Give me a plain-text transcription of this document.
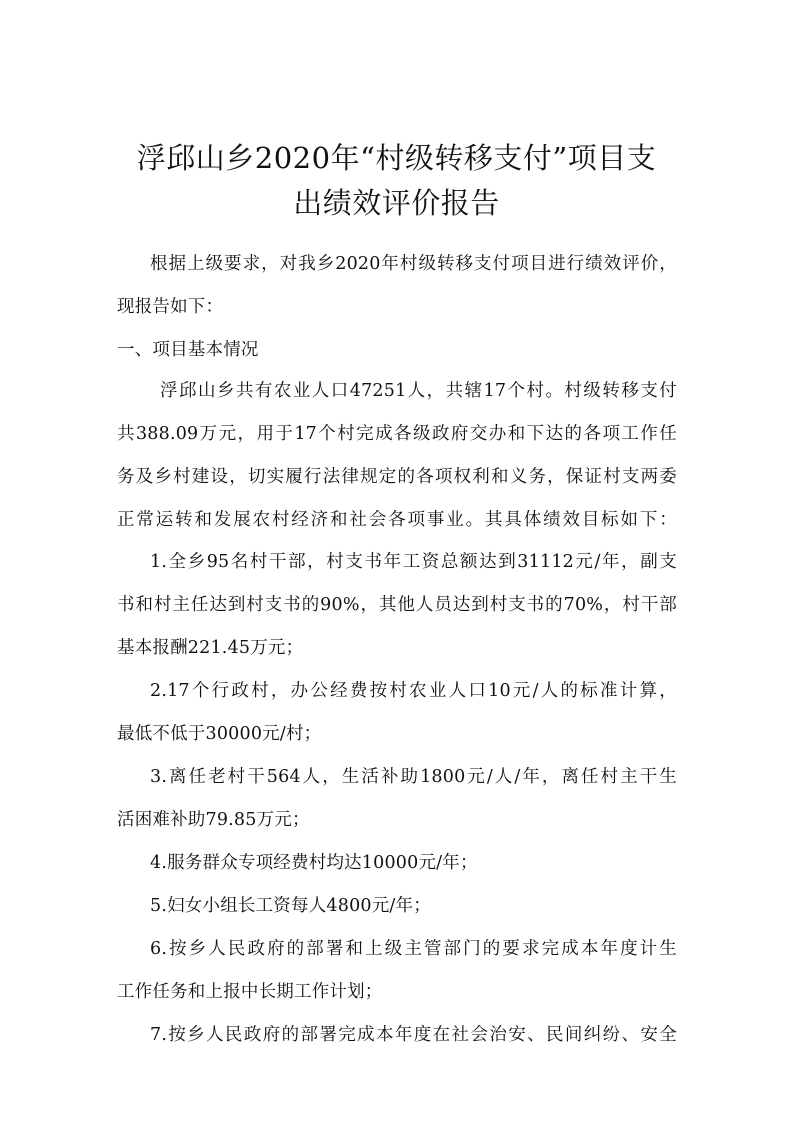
浮邱山乡2020年“村级转移支付”项目支
出绩效评价报告
根据上级要求，对我乡2020年村级转移支付项目进行绩效评价，
现报告如下：
一、项目基本情况
浮邱山乡共有农业人口47251人，共辖17个村。村级转移支付
共388.09万元，用于17个村完成各级政府交办和下达的各项工作任
务及乡村建设，切实履行法律规定的各项权利和义务，保证村支两委
正常运转和发展农村经济和社会各项事业。其具体绩效目标如下：
1.全乡95名村干部，村支书年工资总额达到31112元/年，副支
书和村主任达到村支书的90%，其他人员达到村支书的70%，村干部
基本报酬221.45万元；
2.17个行政村，办公经费按村农业人口10元/人的标准计算，
最低不低于30000元/村；
3.离任老村干564人，生活补助1800元/人/年，离任村主干生
活困难补助79.85万元；
4.服务群众专项经费村均达10000元/年；
5.妇女小组长工资每人4800元/年；
6.按乡人民政府的部署和上级主管部门的要求完成本年度计生
工作任务和上报中长期工作计划；
7.按乡人民政府的部署完成本年度在社会治安、民间纠纷、安全
